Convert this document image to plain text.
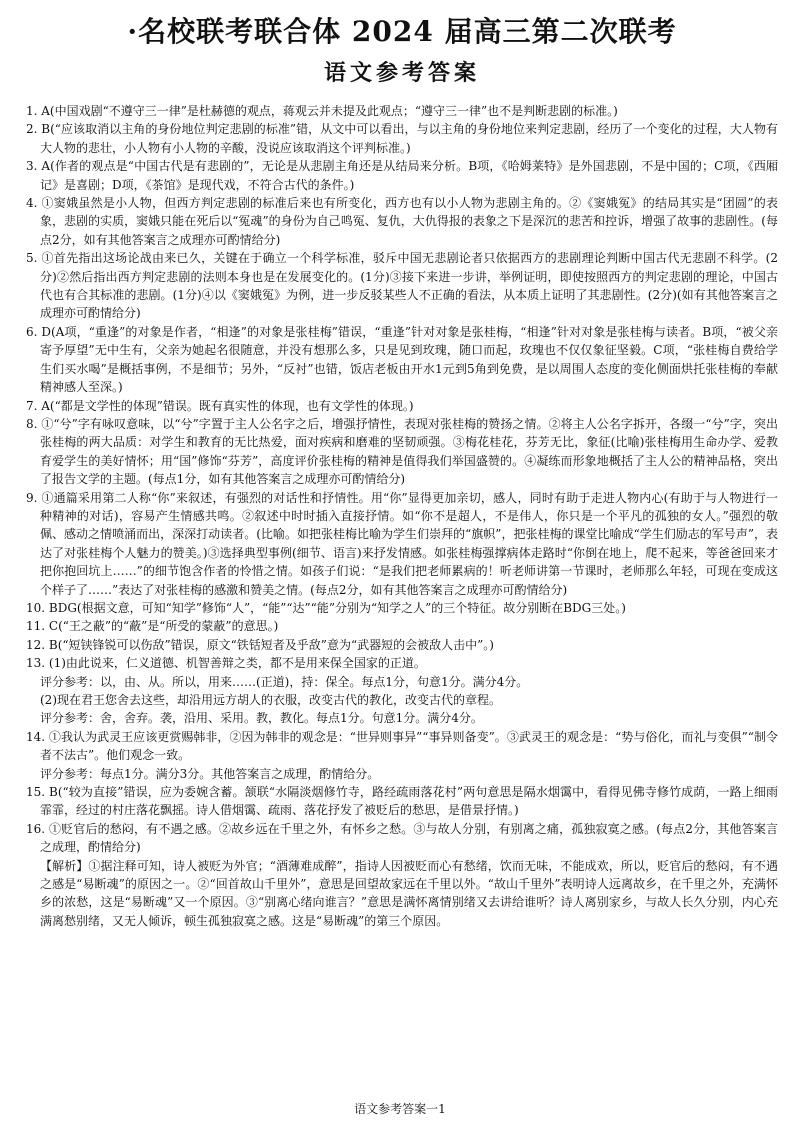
·名校联考联合体 2024 届高三第二次联考
语文参考答案

1. A(中国戏剧“不遵守三一律”是杜赫德的观点，蒋观云并未提及此观点；“遵守三一律”也不是判断悲剧的标准。)

2. B(“应该取消以主角的身份地位判定悲剧的标准”错，从文中可以看出，与以主角的身份地位来判定悲剧，经历了一个变化的过程，大人物有大人物的悲壮，小人物有小人物的辛酸，没说应该取消这个评判标准。)

3. A(作者的观点是“中国古代是有悲剧的”，无论是从悲剧主角还是从结局来分析。B项，《哈姆莱特》是外国悲剧，不是中国的；C项，《西厢记》是喜剧；D项，《茶馆》是现代戏，不符合古代的条件。)

4. ①窦娥虽然是小人物，但西方判定悲剧的标准后来也有所变化，西方也有以小人物为悲剧主角的。②《窦娥冤》的结局其实是“团圆”的表象，悲剧的实质，窦娥只能在死后以“冤魂”的身份为自己鸣冤、复仇，大仇得报的表象之下是深沉的悲苦和控诉，增强了故事的悲剧性。(每点2分，如有其他答案言之成理亦可酌情给分)

5. ①首先指出这场论战由来已久，关键在于确立一个科学标准，驳斥中国无悲剧论者只依据西方的悲剧理论判断中国古代无悲剧不科学。(2分)②然后指出西方判定悲剧的法则本身也是在发展变化的。(1分)③接下来进一步讲，举例证明，即使按照西方的判定悲剧的理论，中国古代也有合其标准的悲剧。(1分)④以《窦娥冤》为例，进一步反驳某些人不正确的看法，从本质上证明了其悲剧性。(2分)(如有其他答案言之成理亦可酌情给分)

6. D(A项，“重逢”的对象是作者，“相逢”的对象是张桂梅”错误，“重逢”针对对象是张桂梅，“相逢”针对对象是张桂梅与读者。B项，“被父亲寄予厚望”无中生有，父亲为她起名很随意，并没有想那么多，只是见到玫瑰，随口而起，玫瑰也不仅仅象征坚毅。C项，“张桂梅自费给学生们买水喝”是概括事例，不是细节；另外，“反衬”也错，饭店老板由开水1元到5角到免费，是以周围人态度的变化侧面烘托张桂梅的奉献精神感人至深。)

7. A(“都是文学性的体现”错误。既有真实性的体现，也有文学性的体现。)

8. ①“兮”字有咏叹意味，以“兮”字置于主人公名字之后，增强抒情性，表现对张桂梅的赞扬之情。②将主人公名字拆开，各缀一“兮”字，突出张桂梅的两大品质：对学生和教育的无比热爱，面对疾病和磨难的坚韧顽强。③梅花桂花，芬芳无比，象征(比喻)张桂梅用生命办学、爱教育爱学生的美好情怀；用“国”修饰“芬芳”，高度评价张桂梅的精神是值得我们举国盛赞的。④凝练而形象地概括了主人公的精神品格，突出了报告文学的主题。(每点1分，如有其他答案言之成理亦可酌情给分)

9. ①通篇采用第二人称“你”来叙述，有强烈的对话性和抒情性。用“你”显得更加亲切，感人，同时有助于走进人物内心(有助于与人物进行一种精神的对话)，容易产生情感共鸣。②叙述中时时插入直接抒情。如“你不是超人，不是伟人，你只是一个平凡的孤独的女人。”强烈的敬佩、感动之情喷涌而出，深深打动读者。(比喻。如把张桂梅比喻为学生们崇拜的“旗帜”，把张桂梅的课堂比喻成“学生们励志的军号声”，表达了对张桂梅个人魅力的赞美。)③选择典型事例(细节、语言)来抒发情感。如张桂梅强撑病体走路时“你倒在地上，爬不起来，等爸爸回来才把你抱回坑上……”的细节饱含作者的怜惜之情。如孩子们说：“是我们把老师累病的！听老师讲第一节课时，老师那么年轻，可现在变成这个样子了……”表达了对张桂梅的感激和赞美之情。(每点2分，如有其他答案言之成理亦可酌情给分)

10. BDG(根据文意，可知“知学”修饰“人”，“能”“达”“能”分别为“知学之人”的三个特征。故分别断在BDG三处。)

11. C(“王之蔽”的“蔽”是“所受的蒙蔽”的意思。)

12. B(“短铗锋锐可以伤敌”错误，原文“铁铦短者及乎敌”意为“武器短的会被敌人击中”。)

13. (1)由此说来，仁义道德、机智善辩之类，都不是用来保全国家的正道。

评分参考：以，由、从。所以，用来……(正道)，持：保全。每点1分，句意1分。满分4分。

(2)现在君王您舍去这些，却沿用远方胡人的衣服，改变古代的教化，改变古代的章程。

评分参考：舍，舍弃。袭，沿用、采用。教，教化。每点1分。句意1分。满分4分。

14. ①我认为武灵王应该更赏赐韩非，②因为韩非的观念是：“世异则事异”“事异则备变”。③武灵王的观念是：“势与俗化，而礼与变俱”“制令者不法古”。他们观念一致。

评分参考：每点1分。满分3分。其他答案言之成理，酌情给分。

15. B(“较为直接”错误，应为委婉含蓄。颔联“水隔淡烟修竹寺，路经疏雨落花村”两句意思是隔水烟霭中，看得见佛寺修竹成荫，一路上细雨霏霏，经过的村庄落花飘摇。诗人借烟霭、疏雨、落花抒发了被贬后的愁思，是借景抒情。)

16. ①贬官后的愁闷，有不遇之感。②故乡远在千里之外，有怀乡之愁。③与故人分别，有别离之痛，孤独寂寞之感。(每点2分，其他答案言之成理，酌情给分)

【解析】①据注释可知，诗人被贬为外官；“酒薄难成醉”，指诗人因被贬而心有愁绪，饮而无味，不能成欢，所以，贬官后的愁闷，有不遇之感是“易断魂”的原因之一。②“回首故山千里外”，意思是回望故家远在千里以外。“故山千里外”表明诗人远离故乡，在千里之外，充满怀乡的浓愁，这是“易断魂”又一个原因。③“别离心绪向谁言？”意思是满怀离情别绪又去讲给谁听？诗人离别家乡，与故人长久分别，内心充满离愁别绪，又无人倾诉，顿生孤独寂寞之感。这是“易断魂”的第三个原因。

语文参考答案一1
